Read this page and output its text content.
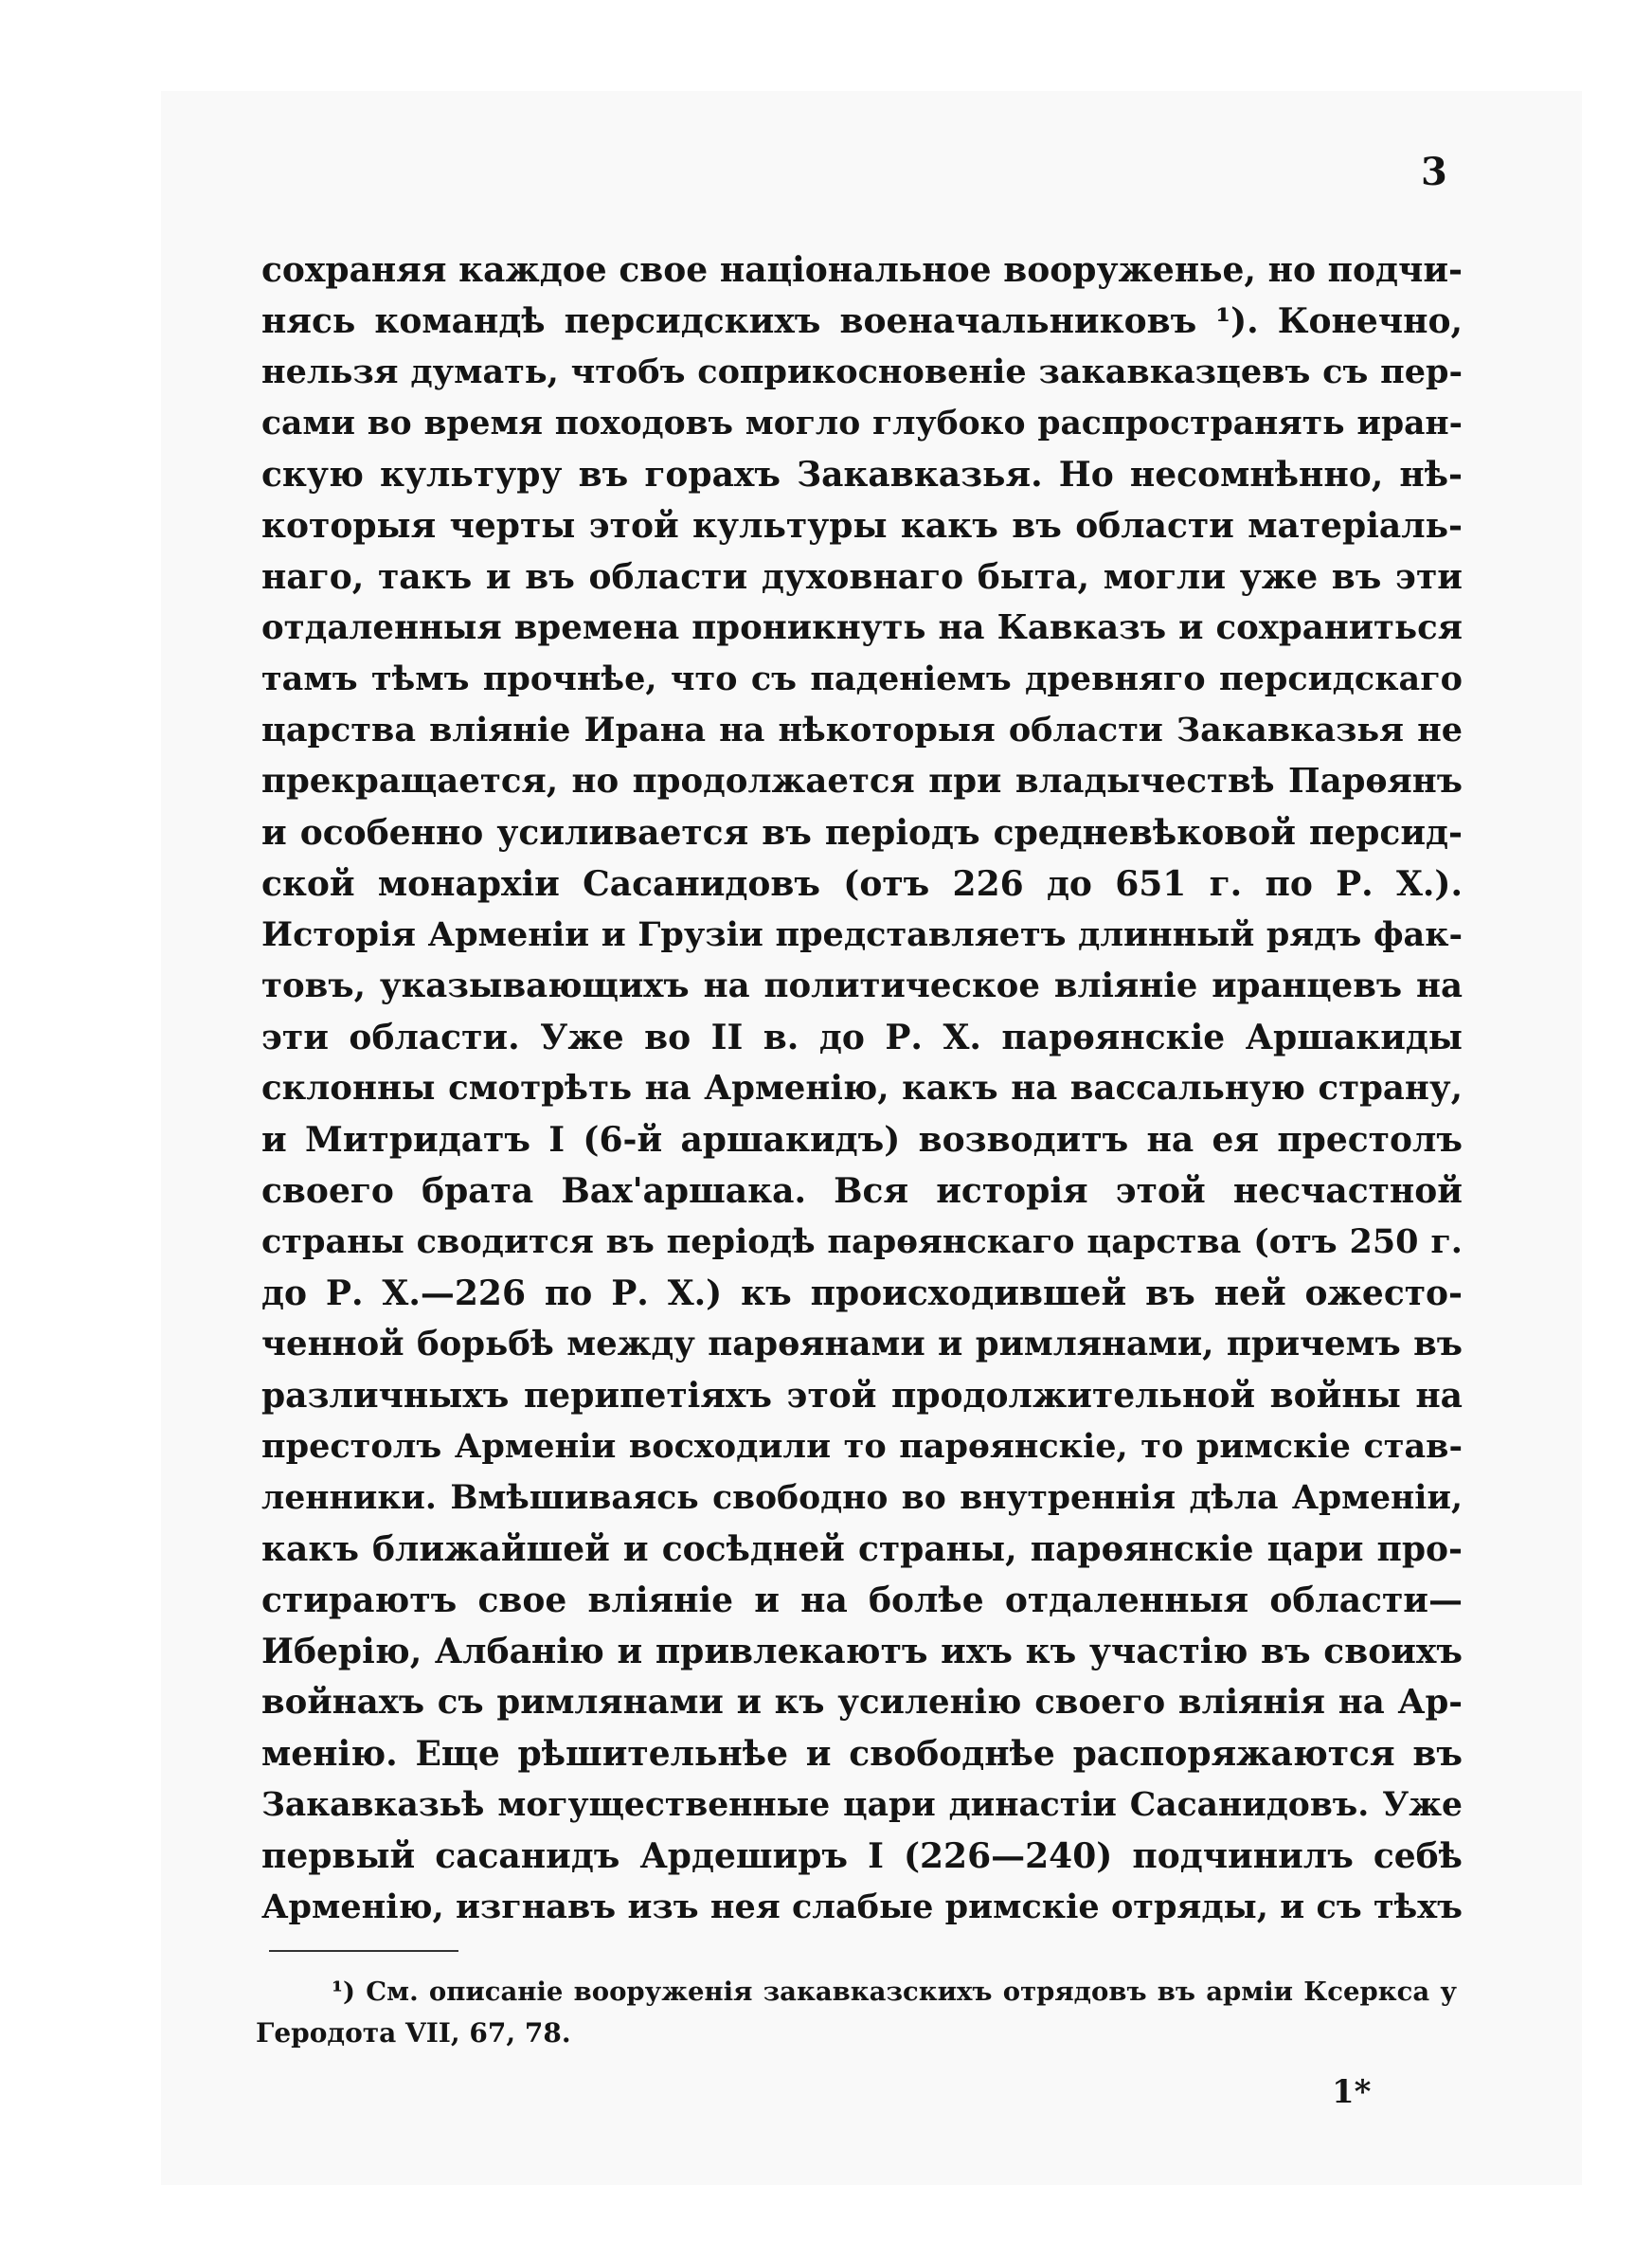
3
сохраняя каждое свое національное вооруженье, но подчи-
нясь командѣ персидскихъ военачальниковъ ¹). Конечно,
нельзя думать, чтобъ соприкосновеніе закавказцевъ съ пер-
сами во время походовъ могло глубоко распространять иран-
скую культуру въ горахъ Закавказья. Но несомнѣнно, нѣ-
которыя черты этой культуры какъ въ области матеріаль-
наго, такъ и въ области духовнаго быта, могли уже въ эти
отдаленныя времена проникнуть на Кавказъ и сохраниться
тамъ тѣмъ прочнѣе, что съ паденіемъ древняго персидскаго
царства вліяніе Ирана на нѣкоторыя области Закавказья не
прекращается, но продолжается при владычествѣ Парѳянъ
и особенно усиливается въ періодъ средневѣковой персид-
ской монархіи Сасанидовъ (отъ 226 до 651 г. по Р. Х.).
Исторія Арменіи и Грузіи представляетъ длинный рядъ фак-
товъ, указывающихъ на политическое вліяніе иранцевъ на
эти области. Уже во II в. до Р. Х. парѳянскіе Аршакиды
склонны смотрѣть на Арменію, какъ на вассальную страну,
и Митридатъ I (6-й аршакидъ) возводитъ на ея престолъ
своего брата Вах'аршака. Вся исторія этой несчастной
страны сводится въ періодѣ парѳянскаго царства (отъ 250 г.
до Р. Х.—226 по Р. Х.) къ происходившей въ ней ожесто-
ченной борьбѣ между парѳянами и римлянами, причемъ въ
различныхъ перипетіяхъ этой продолжительной войны на
престолъ Арменіи восходили то парѳянскіе, то римскіе став-
ленники. Вмѣшиваясь свободно во внутреннія дѣла Арменіи,
какъ ближайшей и сосѣдней страны, парѳянскіе цари про-
стираютъ свое вліяніе и на болѣе отдаленныя области—
Иберію, Албанію и привлекаютъ ихъ къ участію въ своихъ
войнахъ съ римлянами и къ усиленію своего вліянія на Ар-
менію. Еще рѣшительнѣе и свободнѣе распоряжаются въ
Закавказьѣ могущественные цари династіи Сасанидовъ. Уже
первый сасанидъ Ардеширъ I (226—240) подчинилъ себѣ
Арменію, изгнавъ изъ нея слабые римскіе отряды, и съ тѣхъ
¹) См. описаніе вооруженія закавказскихъ отрядовъ въ арміи Ксеркса у
Геродота VII, 67, 78.
1*
